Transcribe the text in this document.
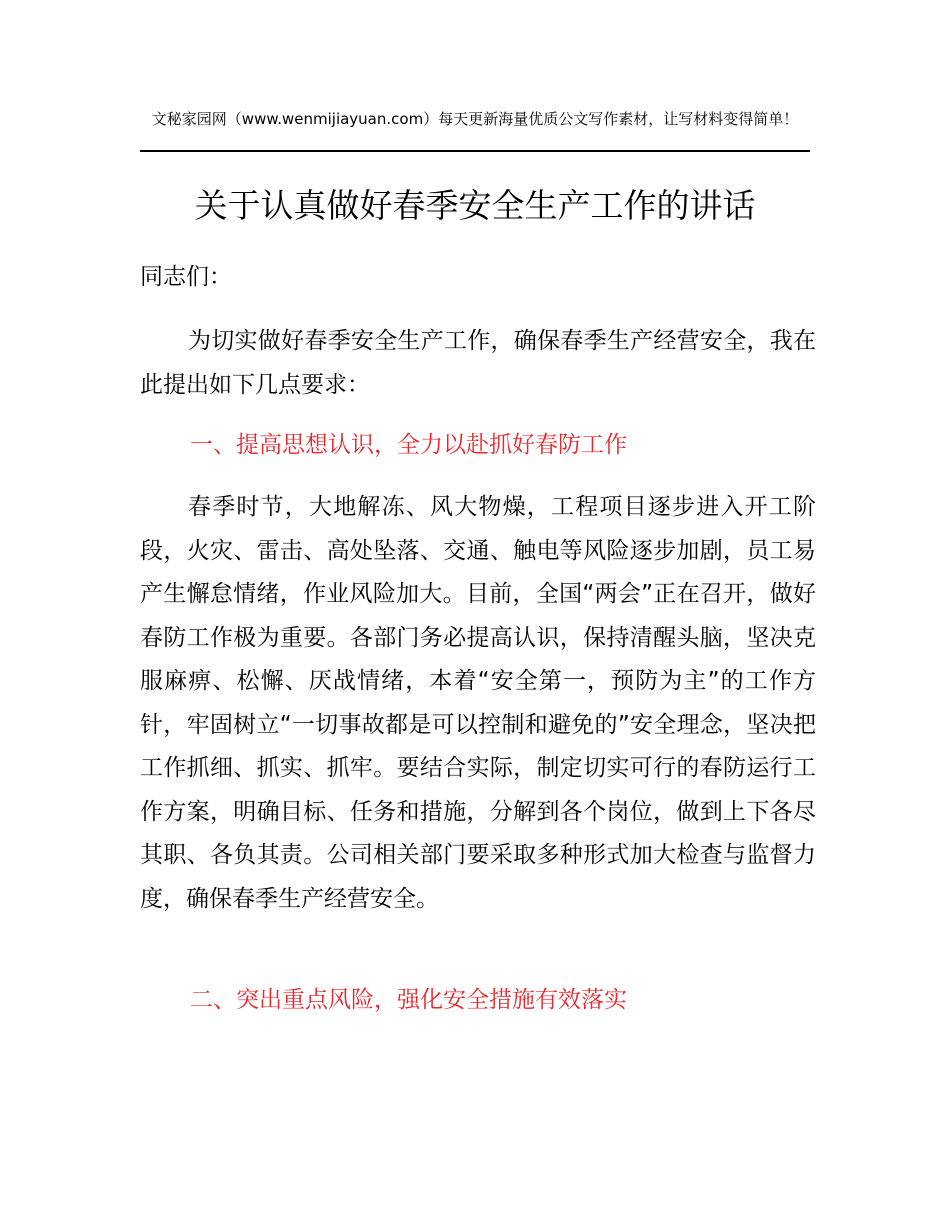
文秘家园网（www.wenmijiayuan.com）每天更新海量优质公文写作素材，让写材料变得简单！
关于认真做好春季安全生产工作的讲话
同志们：

为切实做好春季安全生产工作，确保春季生产经营安全，我在此提出如下几点要求：

一、提高思想认识，全力以赴抓好春防工作

春季时节，大地解冻、风大物燥，工程项目逐步进入开工阶段，火灾、雷击、高处坠落、交通、触电等风险逐步加剧，员工易产生懈怠情绪，作业风险加大。目前，全国“两会”正在召开，做好春防工作极为重要。各部门务必提高认识，保持清醒头脑，坚决克服麻痹、松懈、厌战情绪，本着“安全第一，预防为主”的工作方针，牢固树立“一切事故都是可以控制和避免的”安全理念，坚决把工作抓细、抓实、抓牢。要结合实际，制定切实可行的春防运行工作方案，明确目标、任务和措施，分解到各个岗位，做到上下各尽其职、各负其责。公司相关部门要采取多种形式加大检查与监督力度，确保春季生产经营安全。

二、突出重点风险，强化安全措施有效落实
